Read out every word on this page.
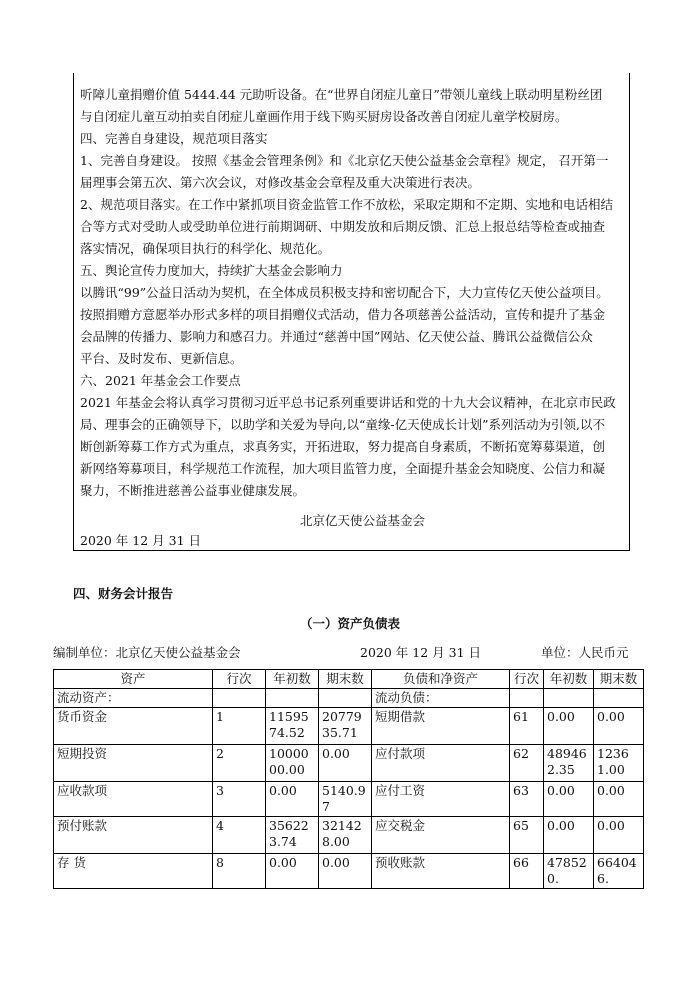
听障儿童捐赠价值 5444.44 元助听设备。在“世界自闭症儿童日”带领儿童线上联动明星粉丝团
与自闭症儿童互动拍卖自闭症儿童画作用于线下购买厨房设备改善自闭症儿童学校厨房。
四、完善自身建设，规范项目落实
1、完善自身建设。 按照《基金会管理条例》和《北京亿天使公益基金会章程》规定， 召开第一
届理事会第五次、第六次会议，对修改基金会章程及重大决策进行表决。
2、规范项目落实。在工作中紧抓项目资金监管工作不放松，采取定期和不定期、实地和电话相结
合等方式对受助人或受助单位进行前期调研、中期发放和后期反馈、汇总上报总结等检查或抽查
落实情况，确保项目执行的科学化、规范化。
五、舆论宣传力度加大，持续扩大基金会影响力
以腾讯“99”公益日活动为契机，在全体成员积极支持和密切配合下，大力宣传亿天使公益项目。
按照捐赠方意愿举办形式多样的项目捐赠仪式活动，借力各项慈善公益活动，宣传和提升了基金
会品牌的传播力、影响力和感召力。并通过“慈善中国”网站、亿天使公益、腾讯公益微信公众
平台、及时发布、更新信息。
六、2021 年基金会工作要点
2021 年基金会将认真学习贯彻习近平总书记系列重要讲话和党的十九大会议精神，在北京市民政
局、理事会的正确领导下，以助学和关爱为导向,以“童缘-亿天使成长计划”系列活动为引领,以不
断创新筹募工作方式为重点，求真务实，开拓进取，努力提高自身素质，不断拓宽筹募渠道，创
新网络筹募项目，科学规范工作流程，加大项目监管力度，全面提升基金会知晓度、公信力和凝
聚力，不断推进慈善公益事业健康发展。
北京亿天使公益基金会
2020 年 12 月 31 日
四、财务会计报告
（一）资产负债表
编制单位：北京亿天使公益基金会	2020 年 12 月 31 日	单位：人民币元
资产	行次	年初数	期末数	负债和净资产	行次	年初数	期末数
流动资产：				流动负债：			
货币资金	1	1159574.52	2077935.71	短期借款	61	0.00	0.00
短期投资	2	1000000.00	0.00	应付款项	62	489462.35	12361.00
应收款项	3	0.00	5140.97	应付工资	63	0.00	0.00
预付账款	4	356223.74	321428.00	应交税金	65	0.00	0.00
存 货	8	0.00	0.00	预收账款	66	478520.	664046.
